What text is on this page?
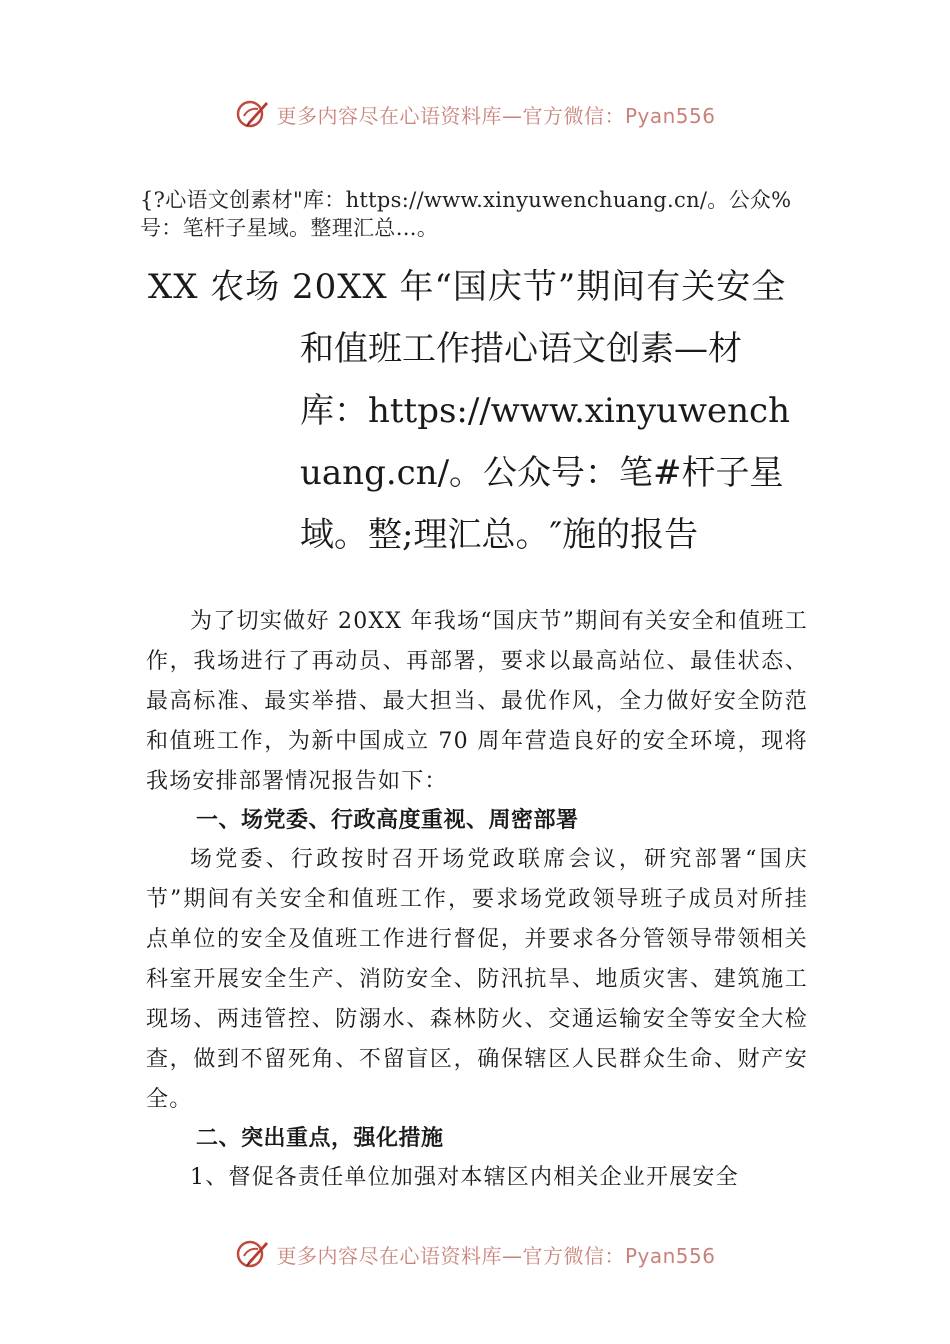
更多内容尽在心语资料库—官方微信：Pyan556
{?心语文创素材"库：https://www.xinyuwenchuang.cn/。公众%号：笔杆子星域。整理汇总…。
XX 农场 20XX 年“国庆节”期间有关安全
和值班工作措心语文创素—材库：https://www.xinyuwenchuang.cn/。公众号：笔#杆子星域。整;理汇总。″施的报告

为了切实做好 20XX 年我场“国庆节”期间有关安全和值班工作，我场进行了再动员、再部署，要求以最高站位、最佳状态、最高标准、最实举措、最大担当、最优作风，全力做好安全防范和值班工作，为新中国成立 70 周年营造良好的安全环境，现将我场安排部署情况报告如下：

一、场党委、行政高度重视、周密部署

场党委、行政按时召开场党政联席会议，研究部署“国庆节”期间有关安全和值班工作，要求场党政领导班子成员对所挂点单位的安全及值班工作进行督促，并要求各分管领导带领相关科室开展安全生产、消防安全、防汛抗旱、地质灾害、建筑施工现场、两违管控、防溺水、森林防火、交通运输安全等安全大检查，做到不留死角、不留盲区，确保辖区人民群众生命、财产安全。

二、突出重点，强化措施

1、督促各责任单位加强对本辖区内相关企业开展安全

更多内容尽在心语资料库—官方微信：Pyan556
